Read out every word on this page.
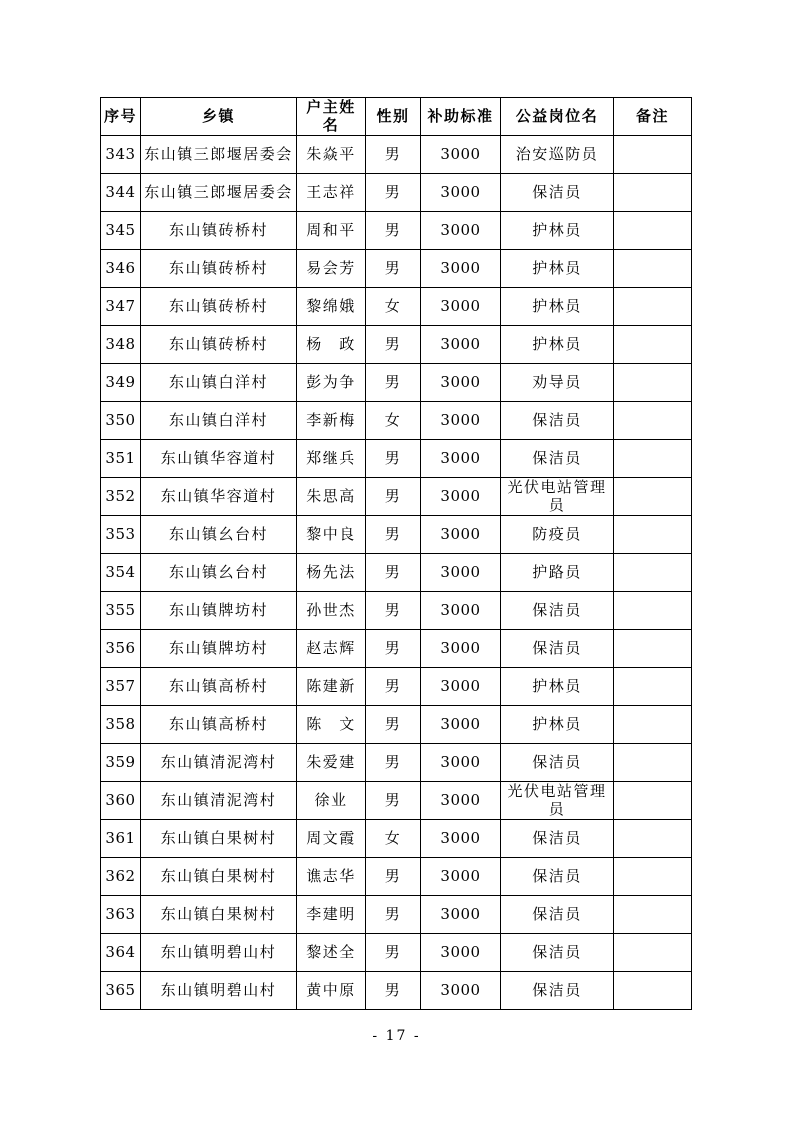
序号	乡镇	户主姓名	性别	补助标准	公益岗位名	备注
343	东山镇三郎堰居委会	朱焱平	男	3000	治安巡防员	
344	东山镇三郎堰居委会	王志祥	男	3000	保洁员	
345	东山镇砖桥村	周和平	男	3000	护林员	
346	东山镇砖桥村	易会芳	男	3000	护林员	
347	东山镇砖桥村	黎绵娥	女	3000	护林员	
348	东山镇砖桥村	杨　政	男	3000	护林员	
349	东山镇白洋村	彭为争	男	3000	劝导员	
350	东山镇白洋村	李新梅	女	3000	保洁员	
351	东山镇华容道村	郑继兵	男	3000	保洁员	
352	东山镇华容道村	朱思高	男	3000	光伏电站管理员	
353	东山镇幺台村	黎中良	男	3000	防疫员	
354	东山镇幺台村	杨先法	男	3000	护路员	
355	东山镇牌坊村	孙世杰	男	3000	保洁员	
356	东山镇牌坊村	赵志辉	男	3000	保洁员	
357	东山镇高桥村	陈建新	男	3000	护林员	
358	东山镇高桥村	陈　文	男	3000	护林员	
359	东山镇清泥湾村	朱爱建	男	3000	保洁员	
360	东山镇清泥湾村	徐业	男	3000	光伏电站管理员	
361	东山镇白果树村	周文霞	女	3000	保洁员	
362	东山镇白果树村	谯志华	男	3000	保洁员	
363	东山镇白果树村	李建明	男	3000	保洁员	
364	东山镇明碧山村	黎述全	男	3000	保洁员	
365	东山镇明碧山村	黄中原	男	3000	保洁员	
- 17 -
